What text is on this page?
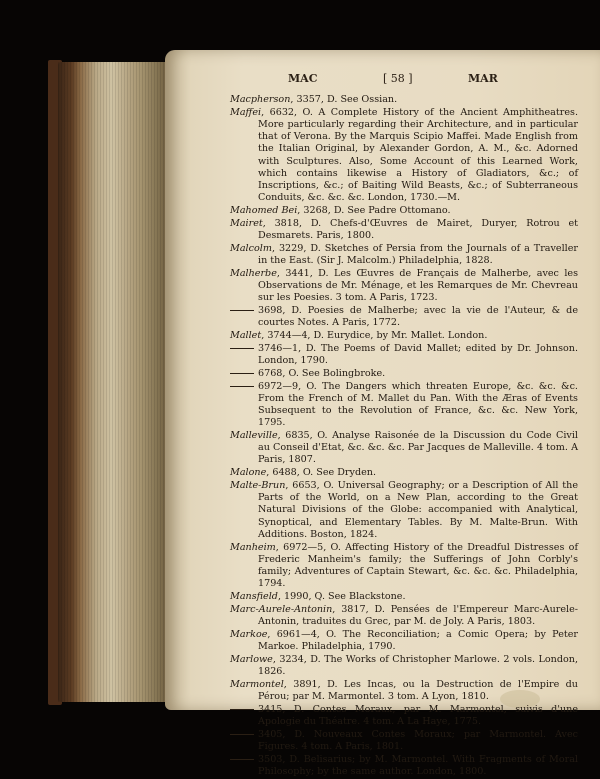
MAC	[ 58 ]	MAR
Macpherson, 3357, D. See Ossian.
Maffei, 6632, O. A Complete History of the Ancient Amphitheatres. More particularly regarding their Architecture, and in particular that of Verona. By the Marquis Scipio Maffei. Made English from the Italian Original, by Alexander Gordon, A. M., &c. Adorned with Sculptures. Also, Some Account of this Learned Work, which contains likewise a History of Gladiators, &c.; of Inscriptions, &c.; of Baiting Wild Beasts, &c.; of Subterraneous Conduits, &c. &c. &c. London, 1730.—M.
Mahomed Bei, 3268, D. See Padre Ottomano.
Mairet, 3818, D. Chefs-d'Œuvres de Mairet, Duryer, Rotrou et Desmarets. Paris, 1800.
Malcolm, 3229, D. Sketches of Persia from the Journals of a Traveller in the East. (Sir J. Malcolm.) Philadelphia, 1828.
Malherbe, 3441, D. Les Œuvres de Français de Malherbe, avec les Observations de Mr. Ménage, et les Remarques de Mr. Chevreau sur les Poesies. 3 tom. A Paris, 1723.
3698, D. Poesies de Malherbe; avec la vie de l'Auteur, & de courtes Notes. A Paris, 1772.
Mallet, 3744—4, D. Eurydice, by Mr. Mallet. London.
3746—1, D. The Poems of David Mallet; edited by Dr. Johnson. London, 1790.
6768, O. See Bolingbroke.
6972—9, O. The Dangers which threaten Europe, &c. &c. &c. From the French of M. Mallet du Pan. With the Æras of Events Subsequent to the Revolution of France, &c. &c. New York, 1795.
Malleville, 6835, O. Analyse Raisonée de la Discussion du Code Civil au Conseil d'Etat, &c. &c. &c. Par Jacques de Malleville. 4 tom. A Paris, 1807.
Malone, 6488, O. See Dryden.
Malte-Brun, 6653, O. Universal Geography; or a Description of All the Parts of the World, on a New Plan, according to the Great Natural Divisions of the Globe: accompanied with Analytical, Synoptical, and Elementary Tables. By M. Malte-Brun. With Additions. Boston, 1824.
Manheim, 6972—5, O. Affecting History of the Dreadful Distresses of Frederic Manheim's family; the Sufferings of John Corbly's family; Adventures of Captain Stewart, &c. &c. &c. Philadelphia, 1794.
Mansfield, 1990, Q. See Blackstone.
Marc-Aurele-Antonin, 3817, D. Pensées de l'Empereur Marc-Aurele-Antonin, traduites du Grec, par M. de Joly. A Paris, 1803.
Markoe, 6961—4, O. The Reconciliation; a Comic Opera; by Peter Markoe. Philadelphia, 1790.
Marlowe, 3234, D. The Works of Christopher Marlowe. 2 vols. London, 1826.
Marmontel, 3891, D. Les Incas, ou la Destruction de l'Empire du Pérou; par M. Marmontel. 3 tom. A Lyon, 1810.
3415, D. Contes Moraux, par M. Marmontel, suivis d'une Apologie du Théatre. 4 tom. A La Haye, 1775.
3405, D. Nouveaux Contes Moraux; par Marmontel. Avec Figures. 4 tom. A Paris, 1801.
3503, D. Belisarius; by M. Marmontel. With Fragments of Moral Philosophy; by the same author. London, 1800.
